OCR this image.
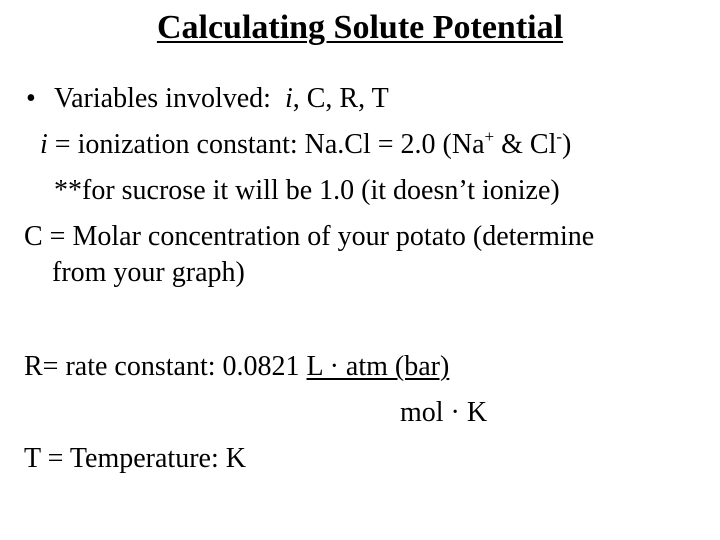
Calculating Solute Potential
• Variables involved: i, C, R, T
i = ionization constant: Na.Cl = 2.0 (Na+ & Cl-)
**for sucrose it will be 1.0 (it doesn’t ionize)
C = Molar concentration of your potato (determine
from your graph)
R= rate constant: 0.0821 L · atm (bar)
mol · K
T = Temperature: K
